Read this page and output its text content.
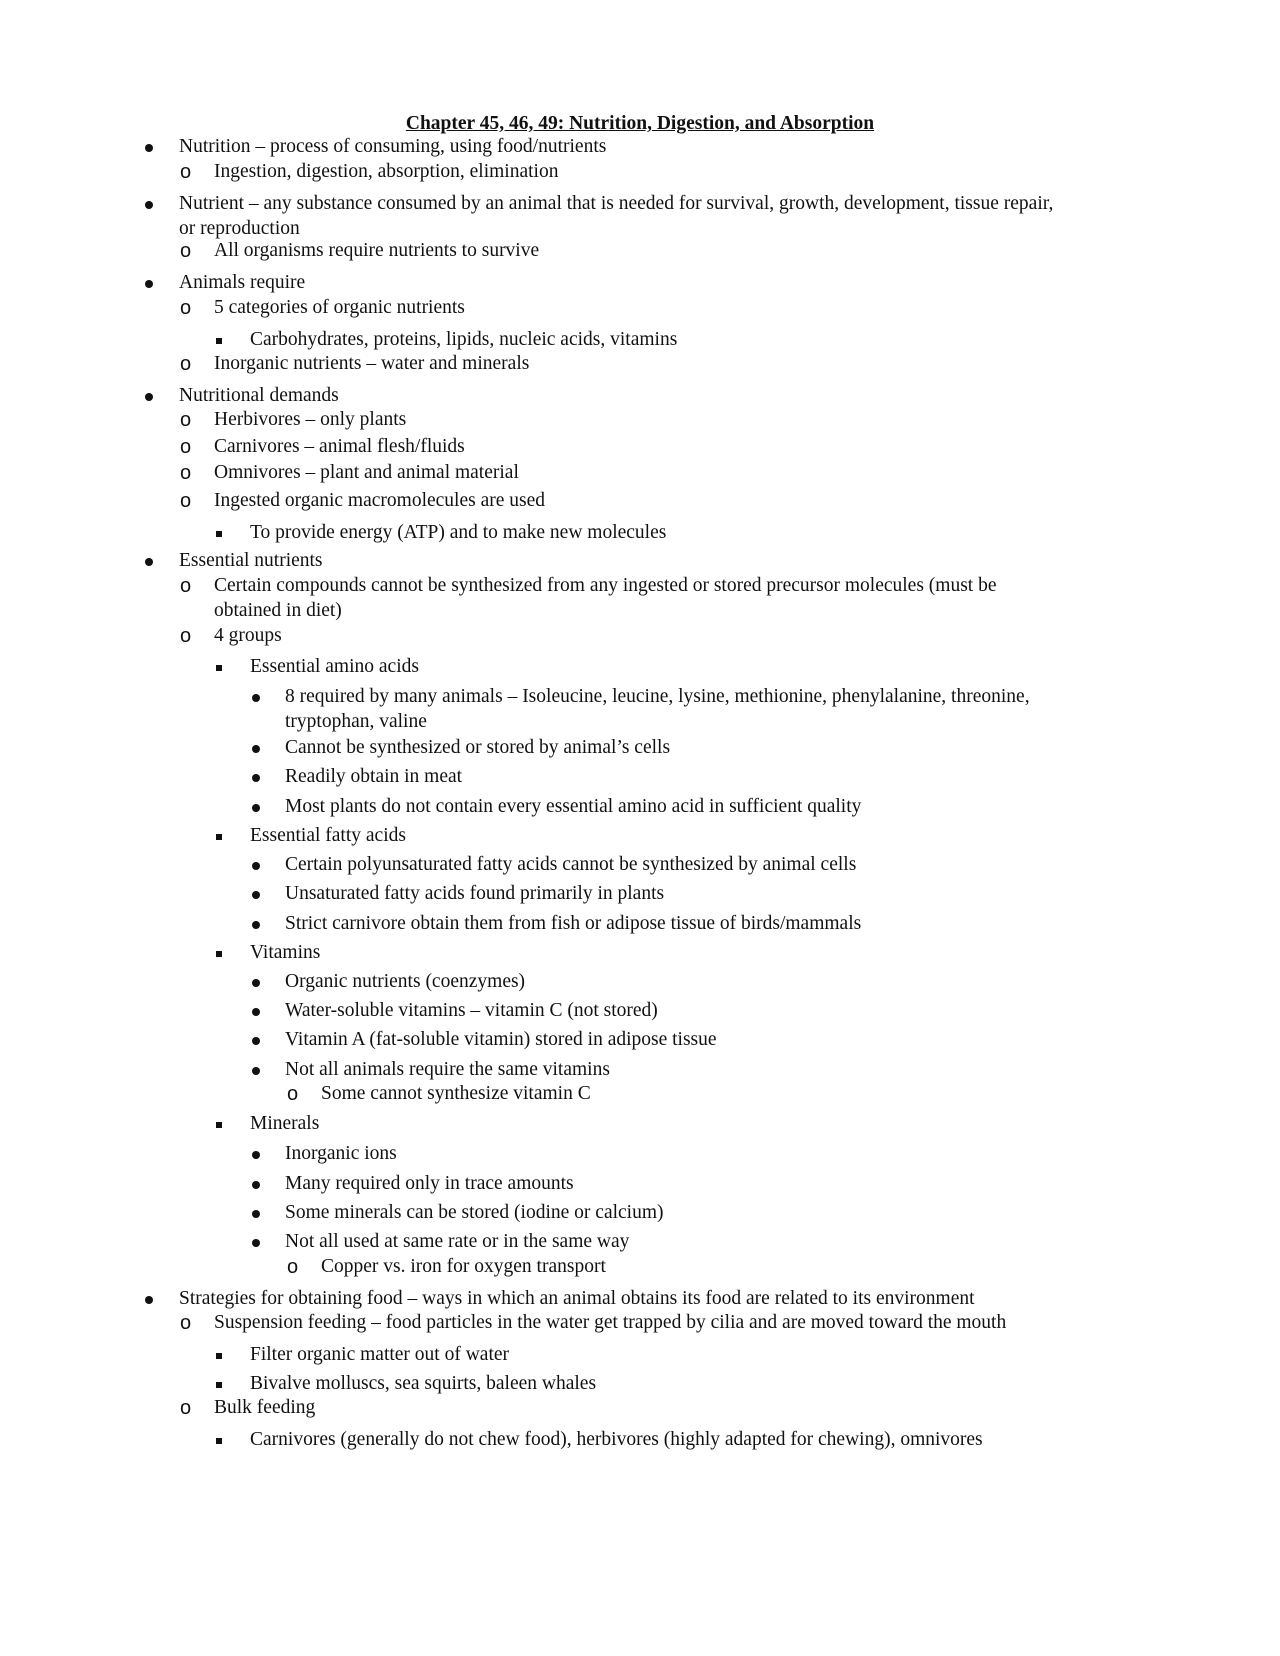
Chapter 45, 46, 49: Nutrition, Digestion, and Absorption
Nutrition – process of consuming, using food/nutrients
o Ingestion, digestion, absorption, elimination
Nutrient – any substance consumed by an animal that is needed for survival, growth, development, tissue repair, or reproduction
o All organisms require nutrients to survive
Animals require
o 5 categories of organic nutrients
Carbohydrates, proteins, lipids, nucleic acids, vitamins
o Inorganic nutrients – water and minerals
Nutritional demands
o Herbivores – only plants
o Carnivores – animal flesh/fluids
o Omnivores – plant and animal material
o Ingested organic macromolecules are used
To provide energy (ATP) and to make new molecules
Essential nutrients
o Certain compounds cannot be synthesized from any ingested or stored precursor molecules (must be obtained in diet)
o 4 groups
Essential amino acids
8 required by many animals – Isoleucine, leucine, lysine, methionine, phenylalanine, threonine, tryptophan, valine
Cannot be synthesized or stored by animal’s cells
Readily obtain in meat
Most plants do not contain every essential amino acid in sufficient quality
Essential fatty acids
Certain polyunsaturated fatty acids cannot be synthesized by animal cells
Unsaturated fatty acids found primarily in plants
Strict carnivore obtain them from fish or adipose tissue of birds/mammals
Vitamins
Organic nutrients (coenzymes)
Water-soluble vitamins – vitamin C (not stored)
Vitamin A (fat-soluble vitamin) stored in adipose tissue
Not all animals require the same vitamins
o Some cannot synthesize vitamin C
Minerals
Inorganic ions
Many required only in trace amounts
Some minerals can be stored (iodine or calcium)
Not all used at same rate or in the same way
o Copper vs. iron for oxygen transport
Strategies for obtaining food – ways in which an animal obtains its food are related to its environment
o Suspension feeding – food particles in the water get trapped by cilia and are moved toward the mouth
Filter organic matter out of water
Bivalve molluscs, sea squirts, baleen whales
o Bulk feeding
Carnivores (generally do not chew food), herbivores (highly adapted for chewing), omnivores
